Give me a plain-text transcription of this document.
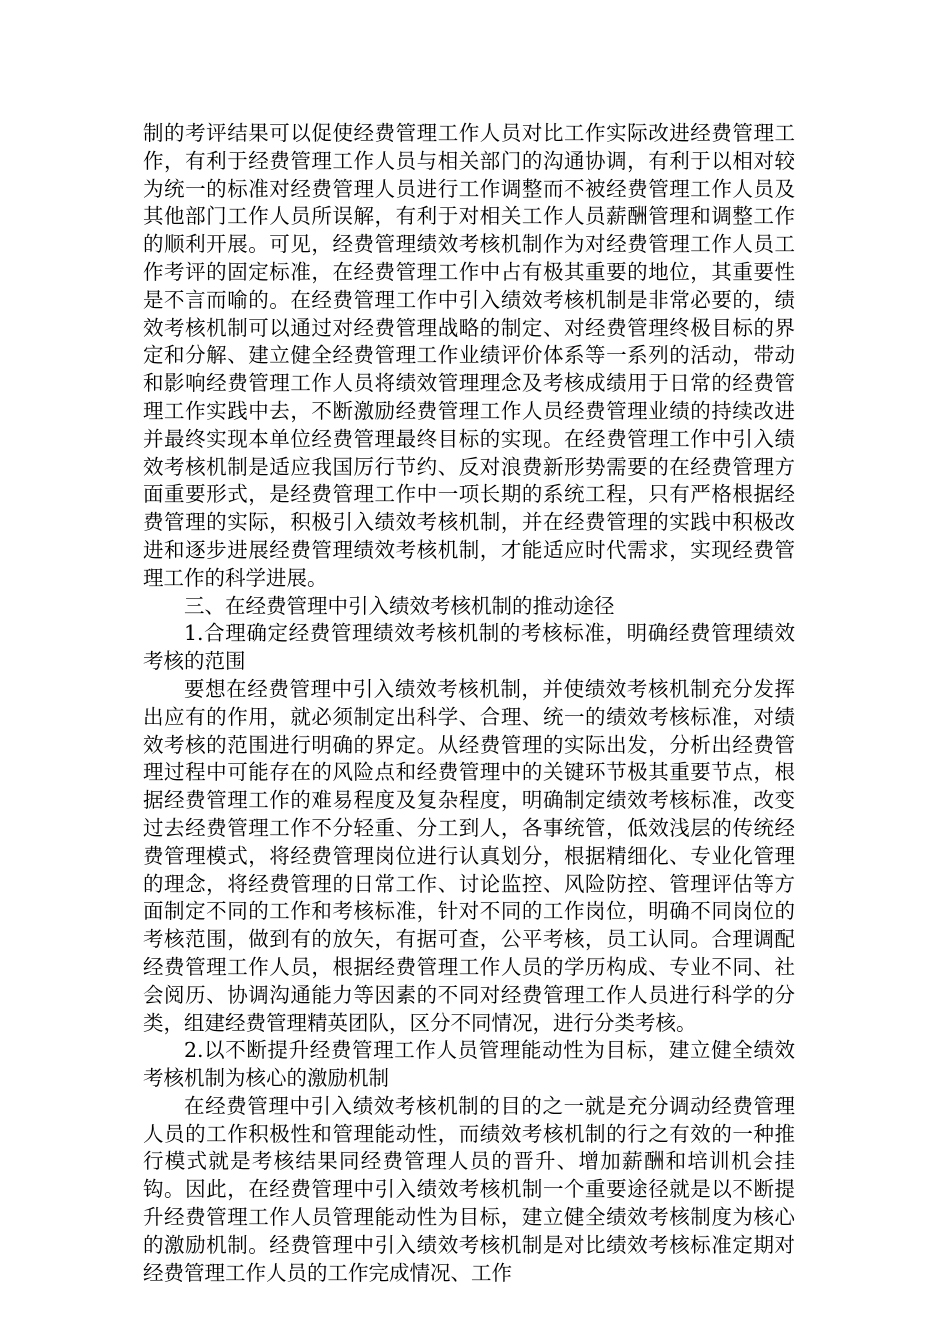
制的考评结果可以促使经费管理工作人员对比工作实际改进经费管理工作，有利于经费管理工作人员与相关部门的沟通协调，有利于以相对较为统一的标准对经费管理人员进行工作调整而不被经费管理工作人员及其他部门工作人员所误解，有利于对相关工作人员薪酬管理和调整工作的顺利开展。可见，经费管理绩效考核机制作为对经费管理工作人员工作考评的固定标准，在经费管理工作中占有极其重要的地位，其重要性是不言而喻的。在经费管理工作中引入绩效考核机制是非常必要的，绩效考核机制可以通过对经费管理战略的制定、对经费管理终极目标的界定和分解、建立健全经费管理工作业绩评价体系等一系列的活动，带动和影响经费管理工作人员将绩效管理理念及考核成绩用于日常的经费管理工作实践中去，不断激励经费管理工作人员经费管理业绩的持续改进并最终实现本单位经费管理最终目标的实现。在经费管理工作中引入绩效考核机制是适应我国厉行节约、反对浪费新形势需要的在经费管理方面重要形式，是经费管理工作中一项长期的系统工程，只有严格根据经费管理的实际，积极引入绩效考核机制，并在经费管理的实践中积极改进和逐步进展经费管理绩效考核机制，才能适应时代需求，实现经费管理工作的科学进展。

三、在经费管理中引入绩效考核机制的推动途径

1.合理确定经费管理绩效考核机制的考核标准，明确经费管理绩效考核的范围

要想在经费管理中引入绩效考核机制，并使绩效考核机制充分发挥出应有的作用，就必须制定出科学、合理、统一的绩效考核标准，对绩效考核的范围进行明确的界定。从经费管理的实际出发，分析出经费管理过程中可能存在的风险点和经费管理中的关键环节极其重要节点，根据经费管理工作的难易程度及复杂程度，明确制定绩效考核标准，改变过去经费管理工作不分轻重、分工到人，各事统管，低效浅层的传统经费管理模式，将经费管理岗位进行认真划分，根据精细化、专业化管理的理念，将经费管理的日常工作、讨论监控、风险防控、管理评估等方面制定不同的工作和考核标准，针对不同的工作岗位，明确不同岗位的考核范围，做到有的放矢，有据可查，公平考核，员工认同。合理调配经费管理工作人员，根据经费管理工作人员的学历构成、专业不同、社会阅历、协调沟通能力等因素的不同对经费管理工作人员进行科学的分类，组建经费管理精英团队，区分不同情况，进行分类考核。

2.以不断提升经费管理工作人员管理能动性为目标，建立健全绩效考核机制为核心的激励机制

在经费管理中引入绩效考核机制的目的之一就是充分调动经费管理人员的工作积极性和管理能动性，而绩效考核机制的行之有效的一种推行模式就是考核结果同经费管理人员的晋升、增加薪酬和培训机会挂钩。因此，在经费管理中引入绩效考核机制一个重要途径就是以不断提升经费管理工作人员管理能动性为目标，建立健全绩效考核制度为核心的激励机制。经费管理中引入绩效考核机制是对比绩效考核标准定期对经费管理工作人员的工作完成情况、工作
